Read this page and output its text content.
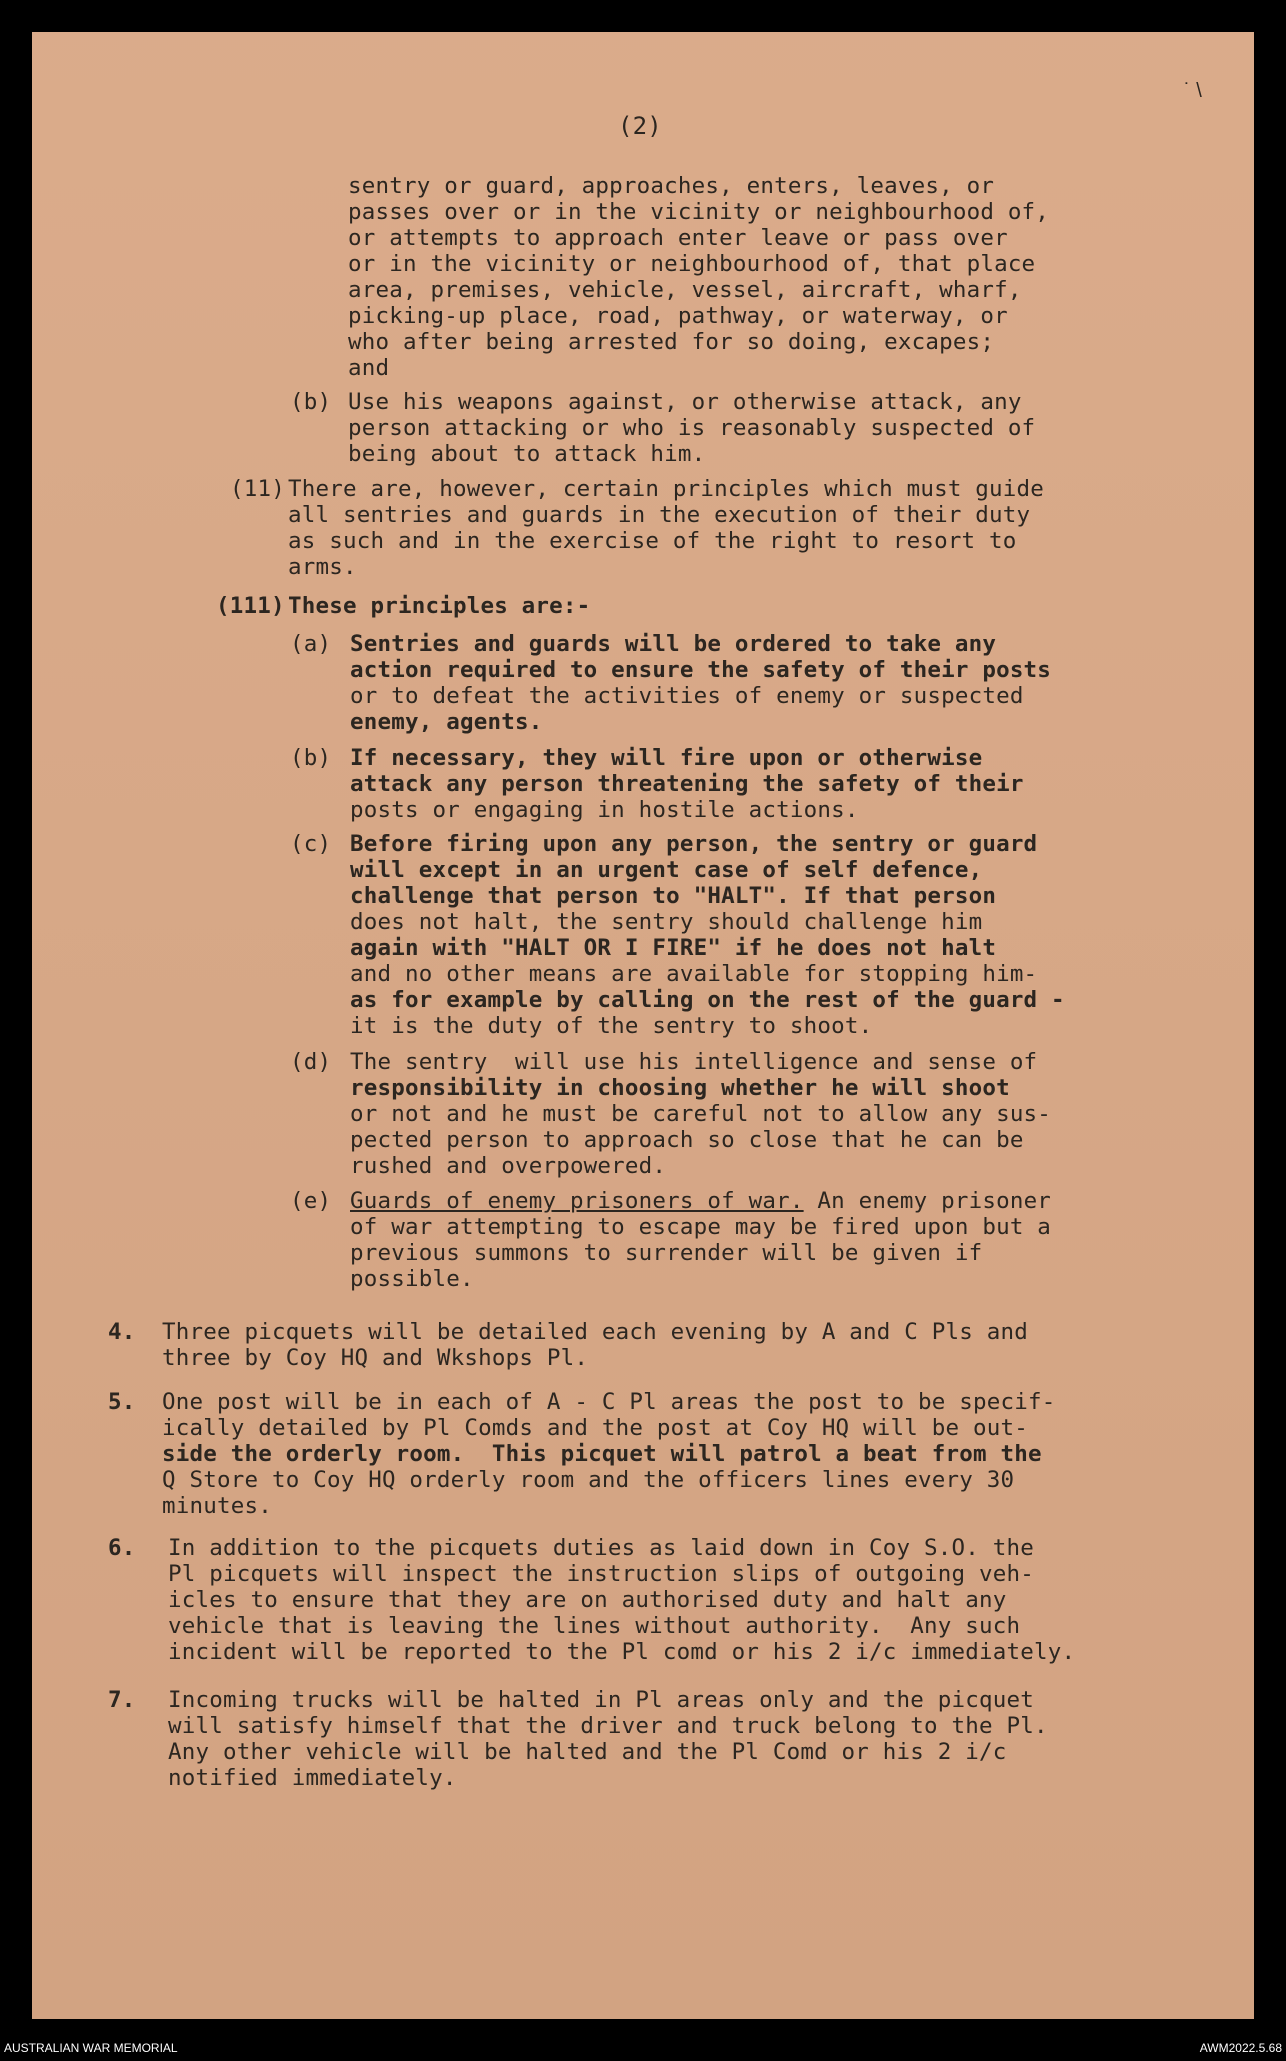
˙ \
(2)
sentry or guard, approaches, enters, leaves, or
passes over or in the vicinity or neighbourhood of,
or attempts to approach enter leave or pass over
or in the vicinity or neighbourhood of, that place
area, premises, vehicle, vessel, aircraft, wharf,
picking-up place, road, pathway, or waterway, or
who after being arrested for so doing, excapes;
and
(b) Use his weapons against, or otherwise attack, any
person attacking or who is reasonably suspected of
being about to attack him.
(11) There are, however, certain principles which must guide
all sentries and guards in the execution of their duty
as such and in the exercise of the right to resort to
arms.
(111) These principles are:-
(a) Sentries and guards will be ordered to take any
action required to ensure the safety of their posts
or to defeat the activities of enemy or suspected
enemy, agents.
(b) If necessary, they will fire upon or otherwise
attack any person threatening the safety of their
posts or engaging in hostile actions.
(c) Before firing upon any person, the sentry or guard
will except in an urgent case of self defence,
challenge that person to "HALT". If that person
does not halt, the sentry should challenge him
again with "HALT OR I FIRE" if he does not halt
and no other means are available for stopping him-
as for example by calling on the rest of the guard -
it is the duty of the sentry to shoot.
(d) The sentry  will use his intelligence and sense of
responsibility in choosing whether he will shoot
or not and he must be careful not to allow any sus-
pected person to approach so close that he can be
rushed and overpowered.
(e) Guards of enemy prisoners of war. An enemy prisoner
of war attempting to escape may be fired upon but a
previous summons to surrender will be given if
possible.
4. Three picquets will be detailed each evening by A and C Pls and
three by Coy HQ and Wkshops Pl.
5. One post will be in each of A - C Pl areas the post to be specif-
ically detailed by Pl Comds and the post at Coy HQ will be out-
side the orderly room.  This picquet will patrol a beat from the
Q Store to Coy HQ orderly room and the officers lines every 30
minutes.
6. In addition to the picquets duties as laid down in Coy S.O. the
Pl picquets will inspect the instruction slips of outgoing veh-
icles to ensure that they are on authorised duty and halt any
vehicle that is leaving the lines without authority.  Any such
incident will be reported to the Pl comd or his 2 i/c immediately.
7. Incoming trucks will be halted in Pl areas only and the picquet
will satisfy himself that the driver and truck belong to the Pl.
Any other vehicle will be halted and the Pl Comd or his 2 i/c
notified immediately.
AUSTRALIAN WAR MEMORIAL	AWM2022.5.68
